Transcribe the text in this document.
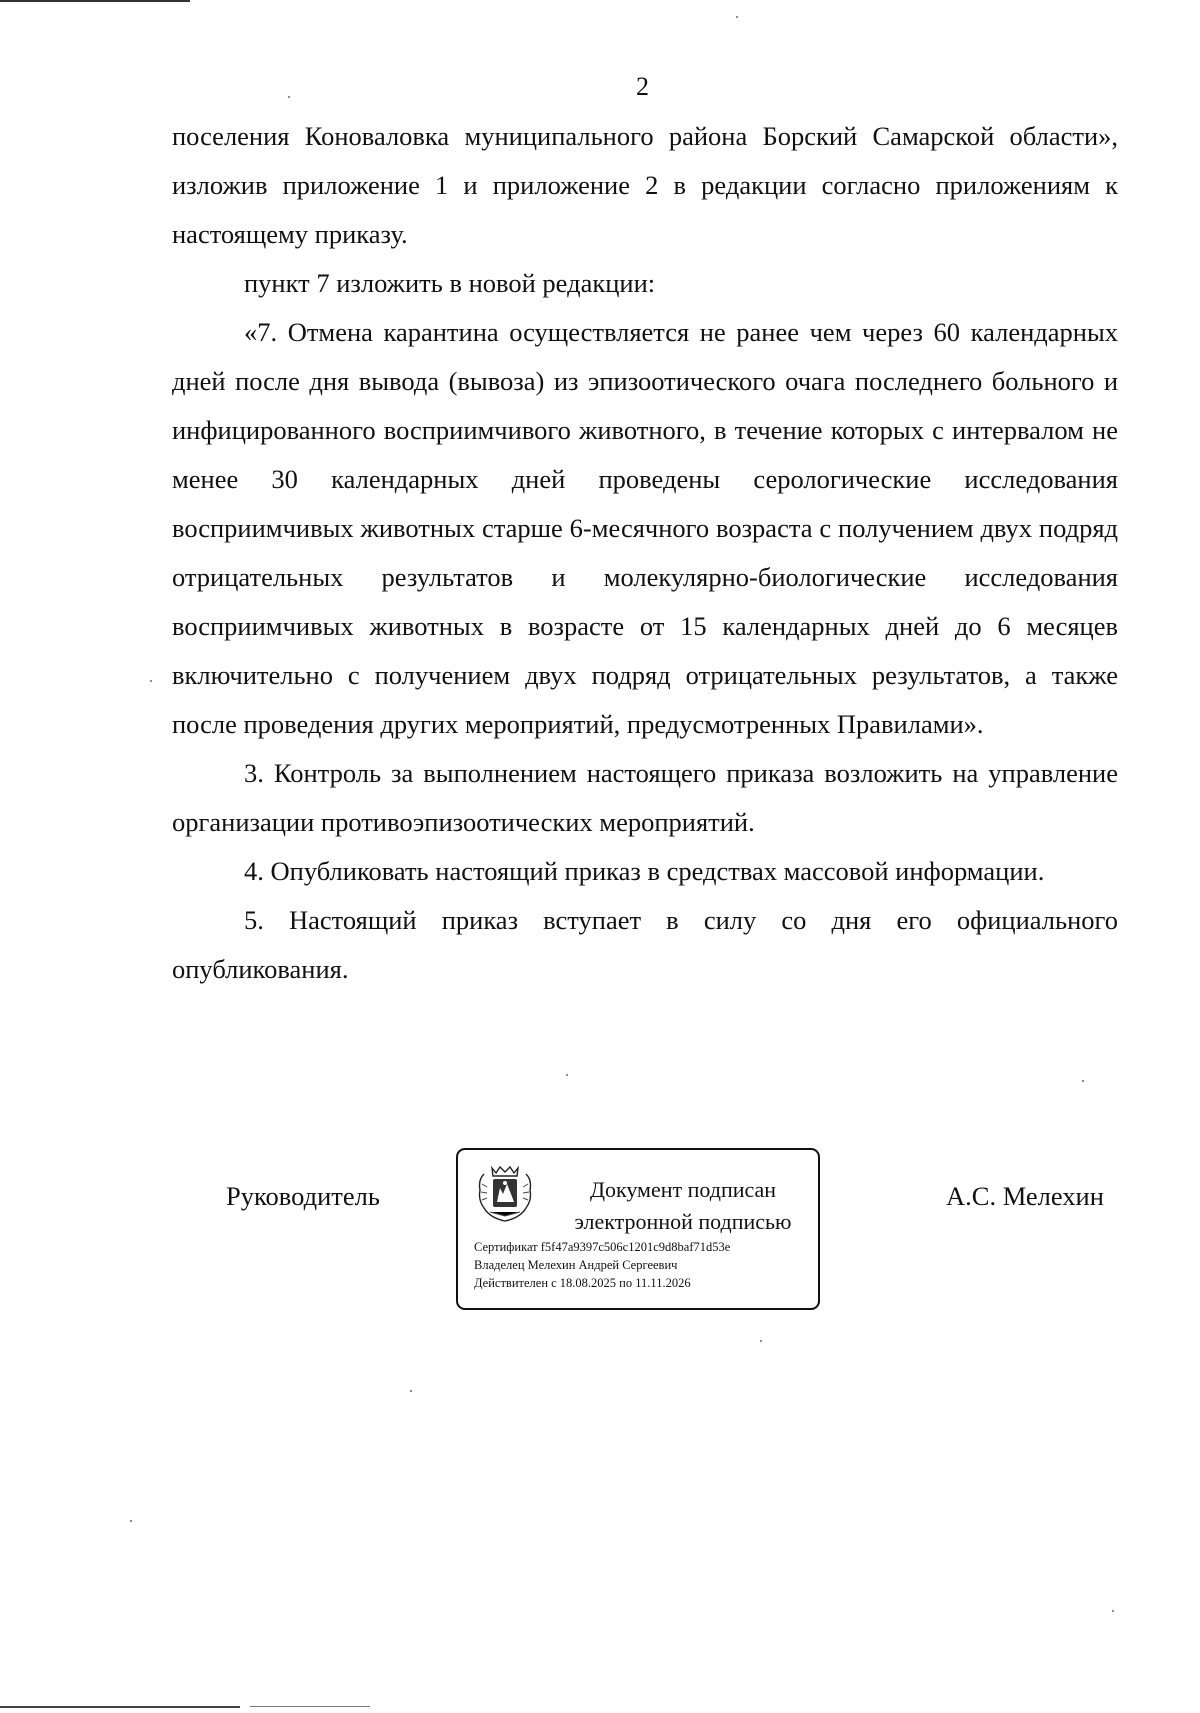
2

поселения Коноваловка муниципального района Борский Самарской области», изложив приложение 1 и приложение 2 в редакции согласно приложениям к настоящему приказу.

пункт 7 изложить в новой редакции:

«7. Отмена карантина осуществляется не ранее чем через 60 календарных дней после дня вывода (вывоза) из эпизоотического очага последнего больного и инфицированного восприимчивого животного, в течение которых с интервалом не менее 30 календарных дней проведены серологические исследования восприимчивых животных старше 6-месячного возраста с получением двух подряд отрицательных результатов и молекулярно-биологические исследования восприимчивых животных в возрасте от 15 календарных дней до 6 месяцев включительно с получением двух подряд отрицательных результатов, а также после проведения других мероприятий, предусмотренных Правилами».

3. Контроль за выполнением настоящего приказа возложить на управление организации противоэпизоотических мероприятий.

4. Опубликовать настоящий приказ в средствах массовой информации.

5. Настоящий приказ вступает в силу со дня его официального опубликования.

Руководитель	Документ подписан
электронной подписью
Сертификат f5f47a9397c506c1201c9d8baf71d53e
Владелец Мелехин Андрей Сергеевич
Действителен с 18.08.2025 по 11.11.2026
А.С. Мелехин
